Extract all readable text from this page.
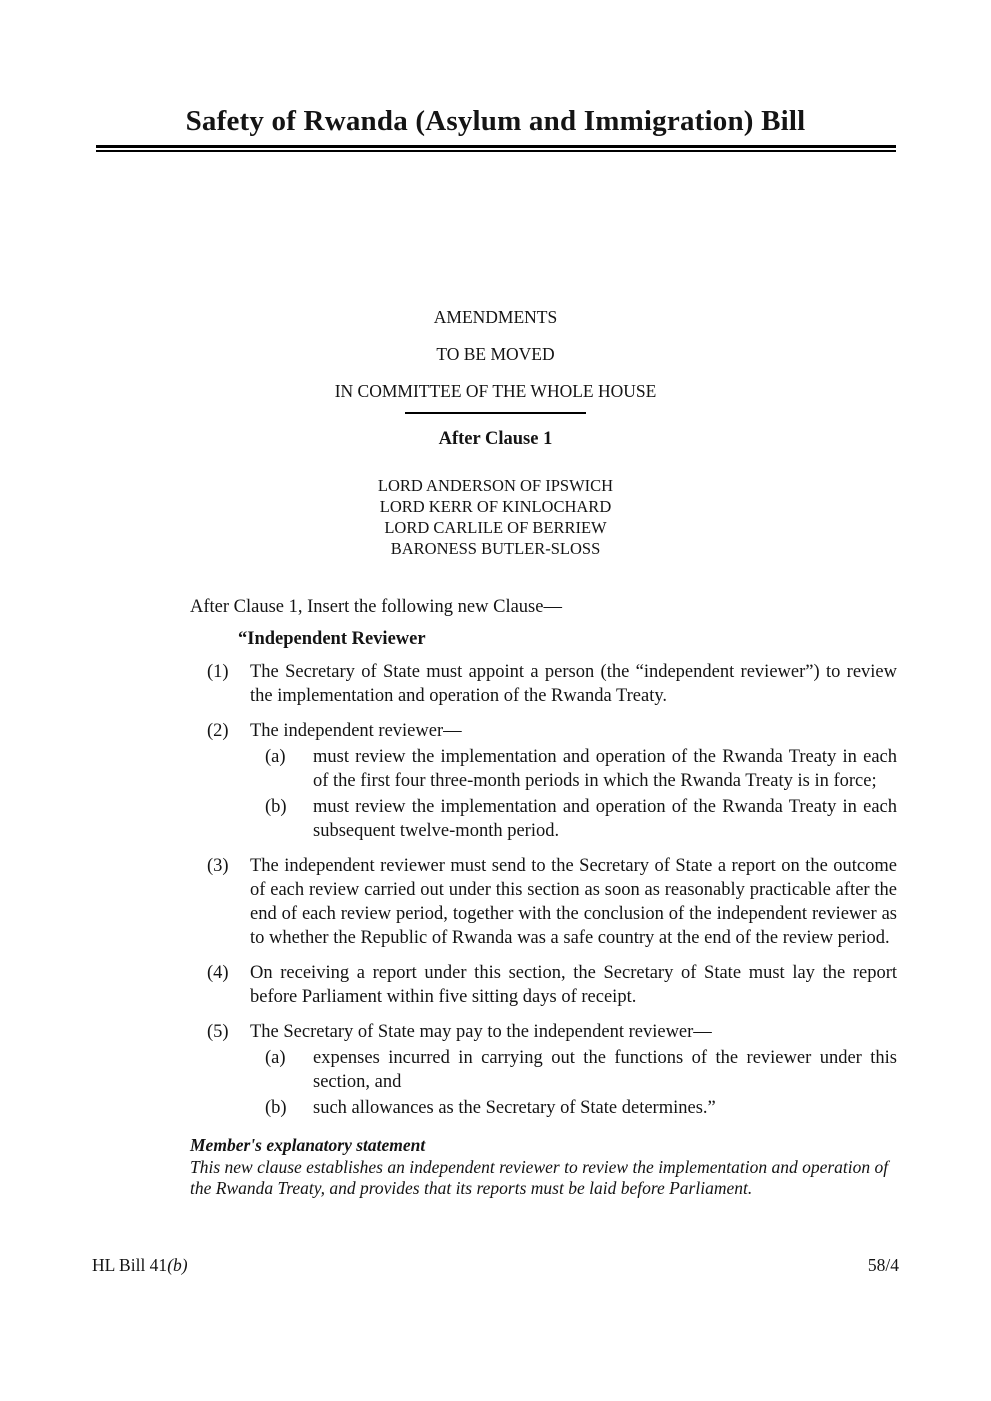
Safety of Rwanda (Asylum and Immigration) Bill
AMENDMENTS
TO BE MOVED
IN COMMITTEE OF THE WHOLE HOUSE
After Clause 1
LORD ANDERSON OF IPSWICH
LORD KERR OF KINLOCHARD
LORD CARLILE OF BERRIEW
BARONESS BUTLER-SLOSS
After Clause 1, Insert the following new Clause—
“Independent Reviewer
(1)	The Secretary of State must appoint a person (the “independent reviewer”) to review the implementation and operation of the Rwanda Treaty.
(2)	The independent reviewer—
(a)	must review the implementation and operation of the Rwanda Treaty in each of the first four three-month periods in which the Rwanda Treaty is in force;
(b)	must review the implementation and operation of the Rwanda Treaty in each subsequent twelve-month period.
(3)	The independent reviewer must send to the Secretary of State a report on the outcome of each review carried out under this section as soon as reasonably practicable after the end of each review period, together with the conclusion of the independent reviewer as to whether the Republic of Rwanda was a safe country at the end of the review period.
(4)	On receiving a report under this section, the Secretary of State must lay the report before Parliament within five sitting days of receipt.
(5)	The Secretary of State may pay to the independent reviewer—
(a)	expenses incurred in carrying out the functions of the reviewer under this section, and
(b)	such allowances as the Secretary of State determines.”
Member's explanatory statement
This new clause establishes an independent reviewer to review the implementation and operation of the Rwanda Treaty, and provides that its reports must be laid before Parliament.
HL Bill 41(b)	58/4
